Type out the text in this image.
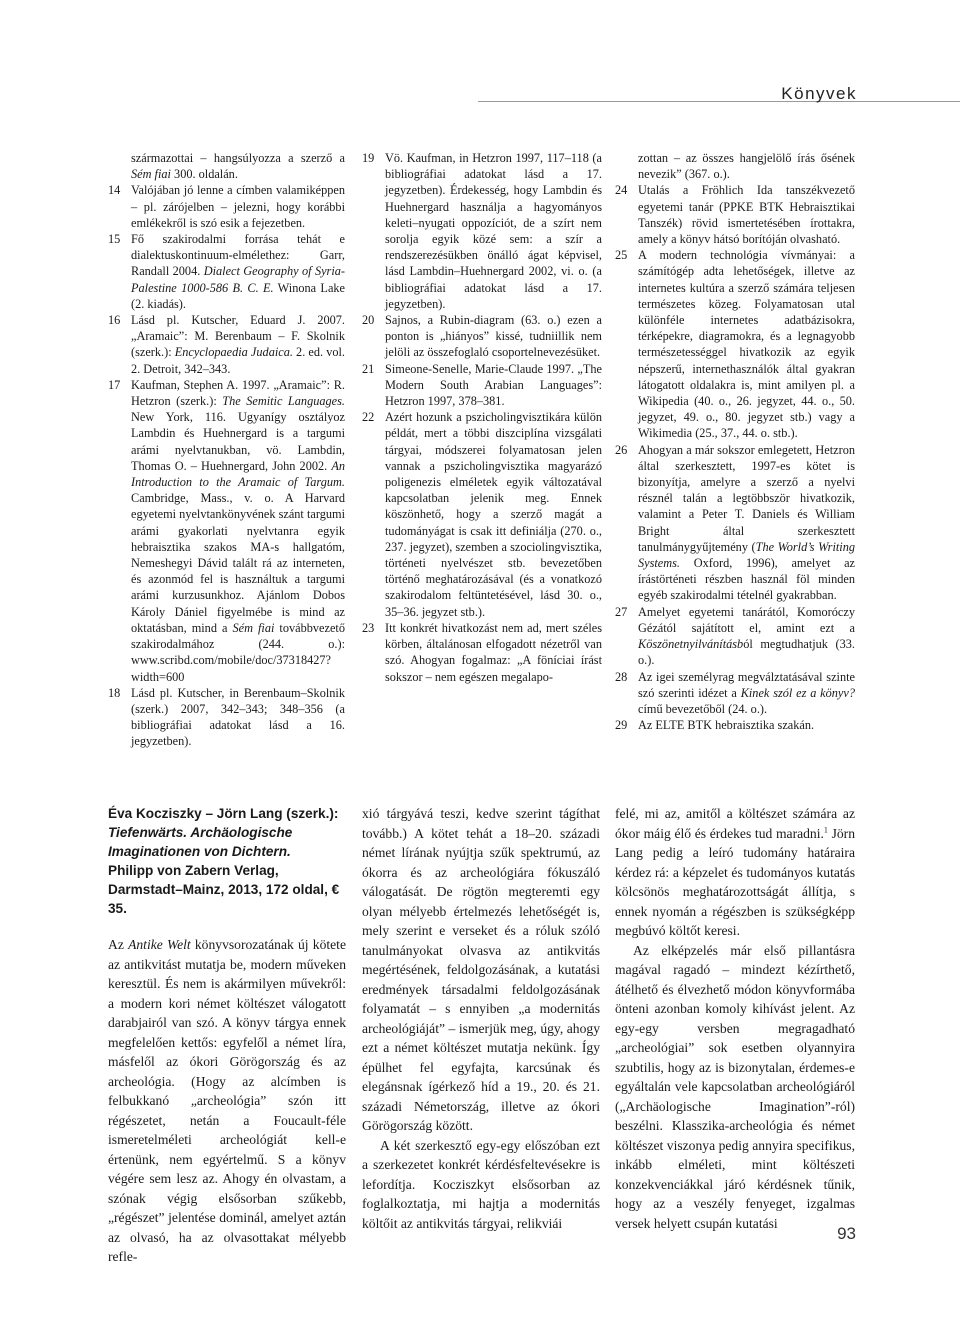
Könyvek
származottai – hangsúlyozza a szerző a Sém fiai 300. oldalán.
14 Valójában jó lenne a címben valamiképpen – pl. zárójelben – jelezni, hogy korábbi emlékekről is szó esik a fejezetben.
15 Fő szakirodalmi forrása tehát e dialektuskontinuum-elmélethez: Garr, Randall 2004. Dialect Geography of Syria-Palestine 1000-586 B. C. E. Winona Lake (2. kiadás).
16 Lásd pl. Kutscher, Eduard J. 2007. „Aramaic”: M. Berenbaum – F. Skolnik (szerk.): Encyclopaedia Judaica. 2. ed. vol. 2. Detroit, 342–343.
17 Kaufman, Stephen A. 1997. „Aramaic”: R. Hetzron (szerk.): The Semitic Languages. New York, 116. Ugyanígy osztályoz Lambdin és Huehnergard is a targumi arámi nyelvtanukban, vö. Lambdin, Thomas O. – Huehnergard, John 2002. An Introduction to the Aramaic of Targum. Cambridge, Mass., v. o. A Harvard egyetemi nyelvtankönyvének szánt targumi arámi gyakorlati nyelvtanra egyik hebraisztika szakos MA-s hallgatóm, Nemeshegyi Dávid talált rá az interneten, és azonmód fel is használtuk a targumi arámi kurzusunkhoz. Ajánlom Dobos Károly Dániel figyelmébe is mind az oktatásban, mind a Sém fiai továbbvezető szakirodalmához (244. o.): www.scribd.com/mobile/doc/37318427?width=600
18 Lásd pl. Kutscher, in Berenbaum–Skolnik (szerk.) 2007, 342–343; 348–356 (a bibliográfiai adatokat lásd a 16. jegyzetben).
19 Vö. Kaufman, in Hetzron 1997, 117–118 (a bibliográfiai adatokat lásd a 17. jegyzetben). Érdekesség, hogy Lambdin és Huehnergard használja a hagyományos keleti–nyugati oppozíciót, de a szírt nem sorolja egyik közé sem: a szír a rendszerezésükben önálló ágat képvisel, lásd Lambdin–Huehnergard 2002, vi. o. (a bibliográfiai adatokat lásd a 17. jegyzetben).
20 Sajnos, a Rubin-diagram (63. o.) ezen a ponton is „hiányos” kissé, tudniillik nem jelöli az összefoglaló csoportelnevezésüket.
21 Simeone-Senelle, Marie-Claude 1997. „The Modern South Arabian Languages”: Hetzron 1997, 378–381.
22 Azért hozunk a pszicholingvisztikára külön példát, mert a többi diszciplína vizsgálati tárgyai, módszerei folyamatosan jelen vannak a pszicholingvisztika magyarázó poligenezis elméletek egyik változatával kapcsolatban jelenik meg. Ennek köszönhető, hogy a szerző magát a tudományágat is csak itt definiálja (270. o., 237. jegyzet), szemben a szociolingvisztika, történeti nyelvészet stb. bevezetőben történő meghatározásával (és a vonatkozó szakirodalom feltüntetésével, lásd 30. o., 35–36. jegyzet stb.).
23 Itt konkrét hivatkozást nem ad, mert széles körben, általánosan elfogadott nézetről van szó. Ahogyan fogalmaz: „A föníciai írást sokszor – nem egészen megalapo-
zottan – az összes hangjelölő írás ősének nevezik” (367. o.).
24 Utalás a Fröhlich Ida tanszékvezető egyetemi tanár (PPKE BTK Hebraisztikai Tanszék) rövid ismertetésében írottakra, amely a könyv hátsó borítóján olvasható.
25 A modern technológia vívmányai: a számítógép adta lehetőségek, illetve az internetes kultúra a szerző számára teljesen természetes közeg. Folyamatosan utal különféle internetes adatbázisokra, térképekre, diagramokra, és a legnagyobb természetességgel hivatkozik az egyik népszerű, internethasználók által gyakran látogatott oldalakra is, mint amilyen pl. a Wikipedia (40. o., 26. jegyzet, 44. o., 50. jegyzet, 49. o., 80. jegyzet stb.) vagy a Wikimedia (25., 37., 44. o. stb.).
26 Ahogyan a már sokszor emlegetett, Hetzron által szerkesztett, 1997-es kötet is bizonyítja, amelyre a szerző a nyelvi résznél talán a legtöbbször hivatkozik, valamint a Peter T. Daniels és William Bright által szerkesztett tanulmánygyűjtemény (The World’s Writing Systems. Oxford, 1996), amelyet az írástörténeti részben használ föl minden egyéb szakirodalmi tételnél gyakrabban.
27 Amelyet egyetemi tanárától, Komoróczy Gézától sajátított el, amint ezt a Köszönetnyilvánításból megtudhatjuk (33. o.).
28 Az igei személyrag megválztatásával szinte szó szerinti idézet a Kinek szól ez a könyv? című bevezetőből (24. o.).
29 Az ELTE BTK hebraisztika szakán.
Éva Kocziszky – Jörn Lang (szerk.):
Tiefenwärts. Archäologische Imaginationen von Dichtern.
Philipp von Zabern Verlag, Darmstadt–Mainz, 2013, 172 oldal, € 35.

Az Antike Welt könyvsorozatának új kötete az antikvitást mutatja be, modern műveken keresztül. És nem is akármilyen művekről: a modern kori német költészet válogatott darabjairól van szó. A könyv tárgya ennek megfelelően kettős: egyfelől a német líra, másfelől az ókori Görögország és az archeológia. (Hogy az alcímben is felbukkanó „archeológia” szón itt régészetet, netán a Foucault-féle ismeretelméleti archeológiát kell-e értenünk, nem egyértelmű. S a könyv végére sem lesz az. Ahogy én olvastam, a szónak végig elsősorban szűkebb, „régészet” jelentése dominál, amelyet aztán az olvasó, ha az olvasottakat mélyebb refle-

xió tárgyává teszi, kedve szerint tágíthat tovább.) A kötet tehát a 18–20. századi német lírának nyújtja szűk spektrumú, az ókorra és az archeológiára fókuszáló válogatását. De rögtön megteremti egy olyan mélyebb értelmezés lehetőségét is, mely szerint e verseket és a róluk szóló tanulmányokat olvasva az antikvitás megértésének, feldolgozásának, a kutatási eredmények társadalmi feldolgozásának folyamatát – s ennyiben „a modernitás archeológiáját” – ismerjük meg, úgy, ahogy ezt a német költészet mutatja nekünk. Így épülhet fel egyfajta, karcsúnak és elegánsnak ígérkező híd a 19., 20. és 21. századi Németország, illetve az ókori Görögország között.

A két szerkesztő egy-egy előszóban ezt a szerkezetet konkrét kérdésfeltevésekre is lefordítja. Kocziszkyt elsősorban az foglalkoztatja, mi hajtja a modernitás költőit az antikvitás tárgyai, relikviái

felé, mi az, amitől a költészet számára az ókor máig élő és érdekes tud maradni.$^1$ Jörn Lang pedig a leíró tudomány határaira kérdez rá: a képzelet és tudományos kutatás kölcsönös meghatározottságát állítja, s ennek nyomán a régészben is szükségképp megbúvó költőt keresi.

Az elképzelés már első pillantásra magával ragadó – mindezt kézírthető, átélhető és élvezhető módon könyvformába önteni azonban komoly kihívást jelent. Az egy-egy versben megragadható „archeológiai” sok esetben olyannyira szubtilis, hogy az is bizonytalan, érdemes-e egyáltalán vele kapcsolatban archeológiáról („Archäologische Imagination”-ról) beszélni. Klasszika-archeológia és német költészet viszonya pedig annyira specifikus, inkább elméleti, mint költészeti konzekvenciákkal járó kérdésnek tűnik, hogy az a veszély fenyeget, izgalmas versek helyett csupán kutatási

93
